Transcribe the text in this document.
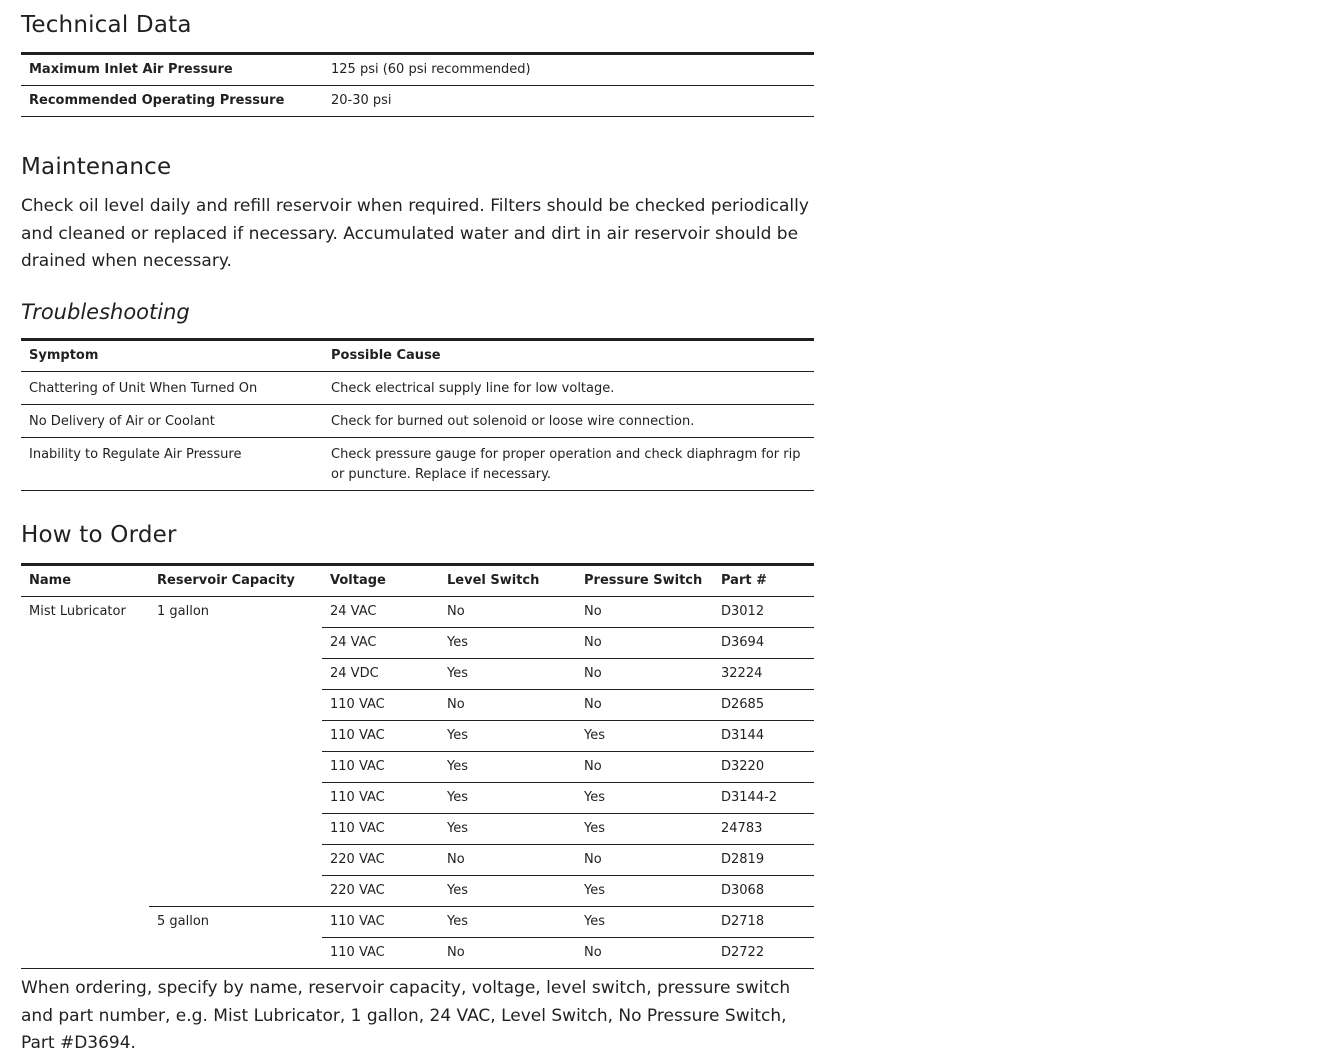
Technical Data
Maximum Inlet Air Pressure	125 psi (60 psi recommended)
Recommended Operating Pressure	20-30 psi
Maintenance

Check oil level daily and refill reservoir when required. Filters should be checked periodically and cleaned or replaced if necessary. Accumulated water and dirt in air reservoir should be drained when necessary.

Troubleshooting
Symptom	Possible Cause
Chattering of Unit When Turned On	Check electrical supply line for low voltage.
No Delivery of Air or Coolant	Check for burned out solenoid or loose wire connection.
Inability to Regulate Air Pressure	Check pressure gauge for proper operation and check diaphragm for rip or puncture. Replace if necessary.
How to Order
Name	Reservoir Capacity	Voltage	Level Switch	Pressure Switch	Part #
Mist Lubricator	1 gallon	24 VAC	No	No	D3012
		24 VAC	Yes	No	D3694
		24 VDC	Yes	No	32224
		110 VAC	No	No	D2685
		110 VAC	Yes	Yes	D3144
		110 VAC	Yes	No	D3220
		110 VAC	Yes	Yes	D3144-2
		110 VAC	Yes	Yes	24783
		220 VAC	No	No	D2819
		220 VAC	Yes	Yes	D3068
	5 gallon	110 VAC	Yes	Yes	D2718
		110 VAC	No	No	D2722

When ordering, specify by name, reservoir capacity, voltage, level switch, pressure switch and part number, e.g. Mist Lubricator, 1 gallon, 24 VAC, Level Switch, No Pressure Switch, Part #D3694.
